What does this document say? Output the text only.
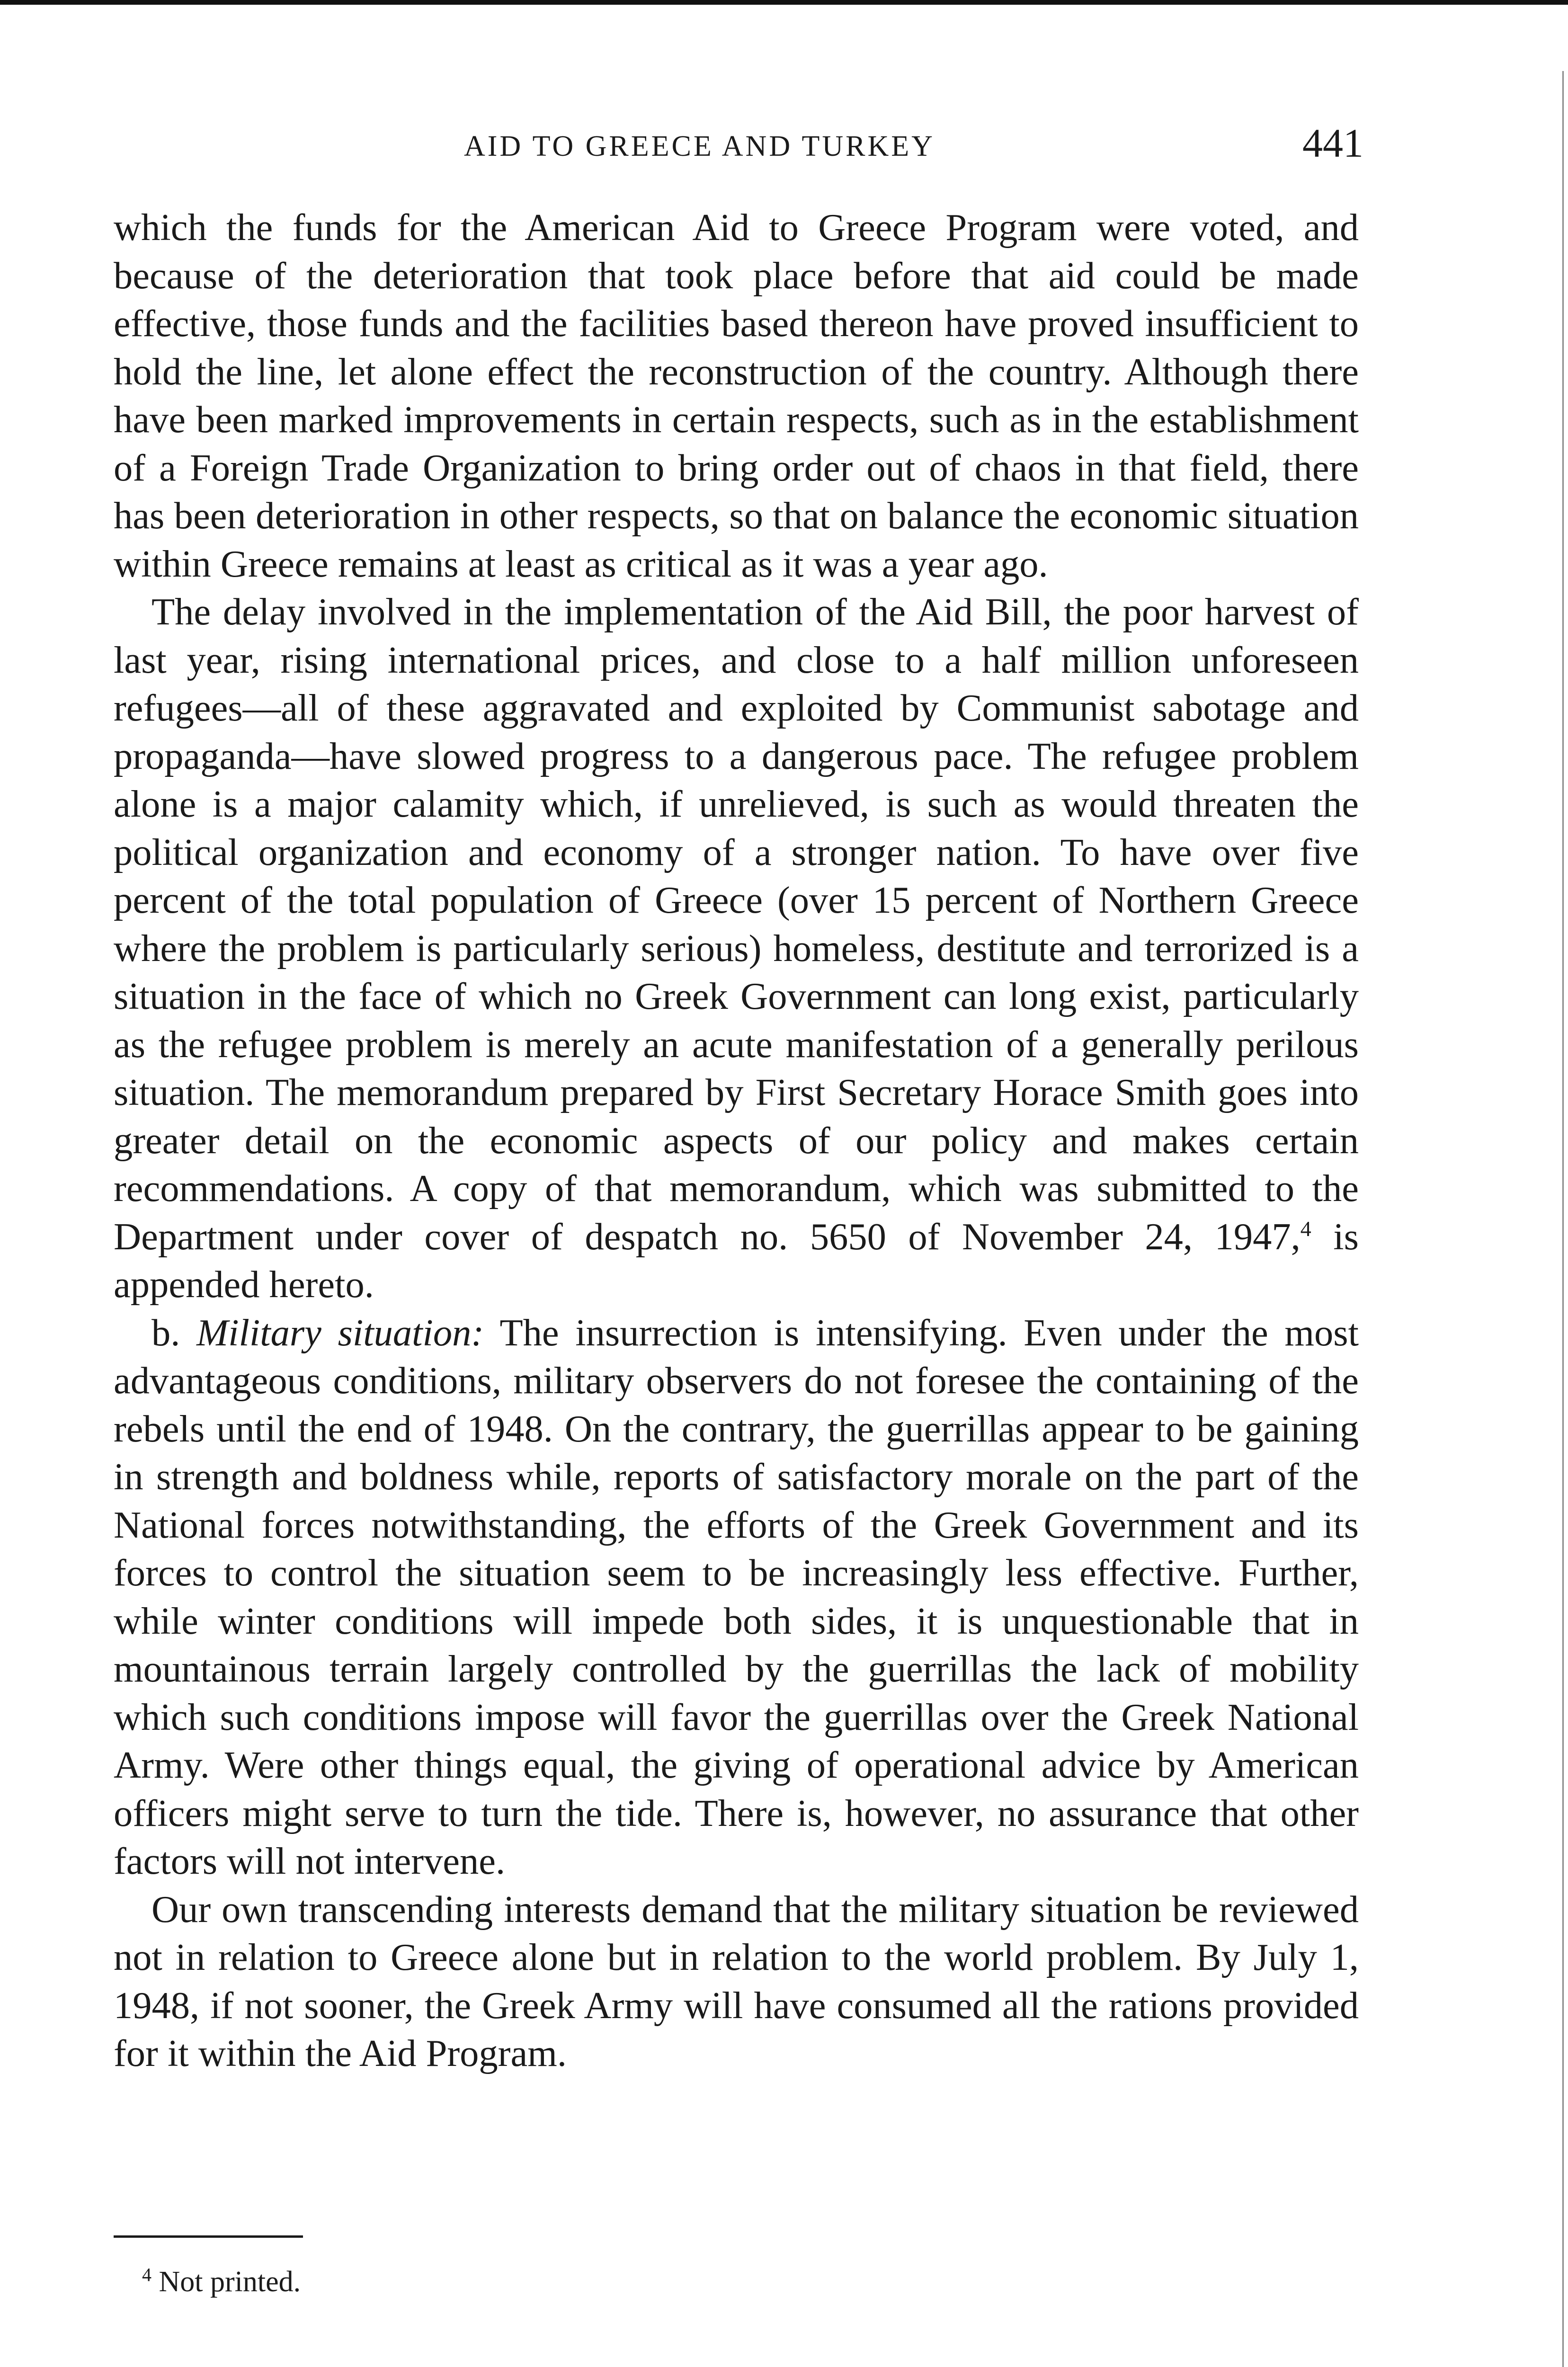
AID TO GREECE AND TURKEY	441

which the funds for the American Aid to Greece Program were voted, and because of the deterioration that took place before that aid could be made effective, those funds and the facilities based thereon have proved insufficient to hold the line, let alone effect the reconstruction of the country. Although there have been marked improvements in certain respects, such as in the establishment of a Foreign Trade Organization to bring order out of chaos in that field, there has been deterioration in other respects, so that on balance the economic situation within Greece remains at least as critical as it was a year ago.

The delay involved in the implementation of the Aid Bill, the poor harvest of last year, rising international prices, and close to a half million unforeseen refugees—all of these aggravated and exploited by Communist sabotage and propaganda—have slowed progress to a dangerous pace. The refugee problem alone is a major calamity which, if unrelieved, is such as would threaten the political organization and economy of a stronger nation. To have over five percent of the total population of Greece (over 15 percent of Northern Greece where the problem is particularly serious) homeless, destitute and terrorized is a situation in the face of which no Greek Government can long exist, particularly as the refugee problem is merely an acute manifestation of a generally perilous situation. The memorandum prepared by First Secretary Horace Smith goes into greater detail on the economic aspects of our policy and makes certain recommendations. A copy of that memorandum, which was submitted to the Department under cover of despatch no. 5650 of November 24, 1947,$^4$ is appended hereto.

b. Military situation: The insurrection is intensifying. Even under the most advantageous conditions, military observers do not foresee the containing of the rebels until the end of 1948. On the contrary, the guerrillas appear to be gaining in strength and boldness while, reports of satisfactory morale on the part of the National forces notwithstanding, the efforts of the Greek Government and its forces to control the situation seem to be increasingly less effective. Further, while winter conditions will impede both sides, it is unquestionable that in mountainous terrain largely controlled by the guerrillas the lack of mobility which such conditions impose will favor the guerrillas over the Greek National Army. Were other things equal, the giving of operational advice by American officers might serve to turn the tide. There is, however, no assurance that other factors will not intervene.

Our own transcending interests demand that the military situation be reviewed not in relation to Greece alone but in relation to the world problem. By July 1, 1948, if not sooner, the Greek Army will have consumed all the rations provided for it within the Aid Program.

$^4$ Not printed.
